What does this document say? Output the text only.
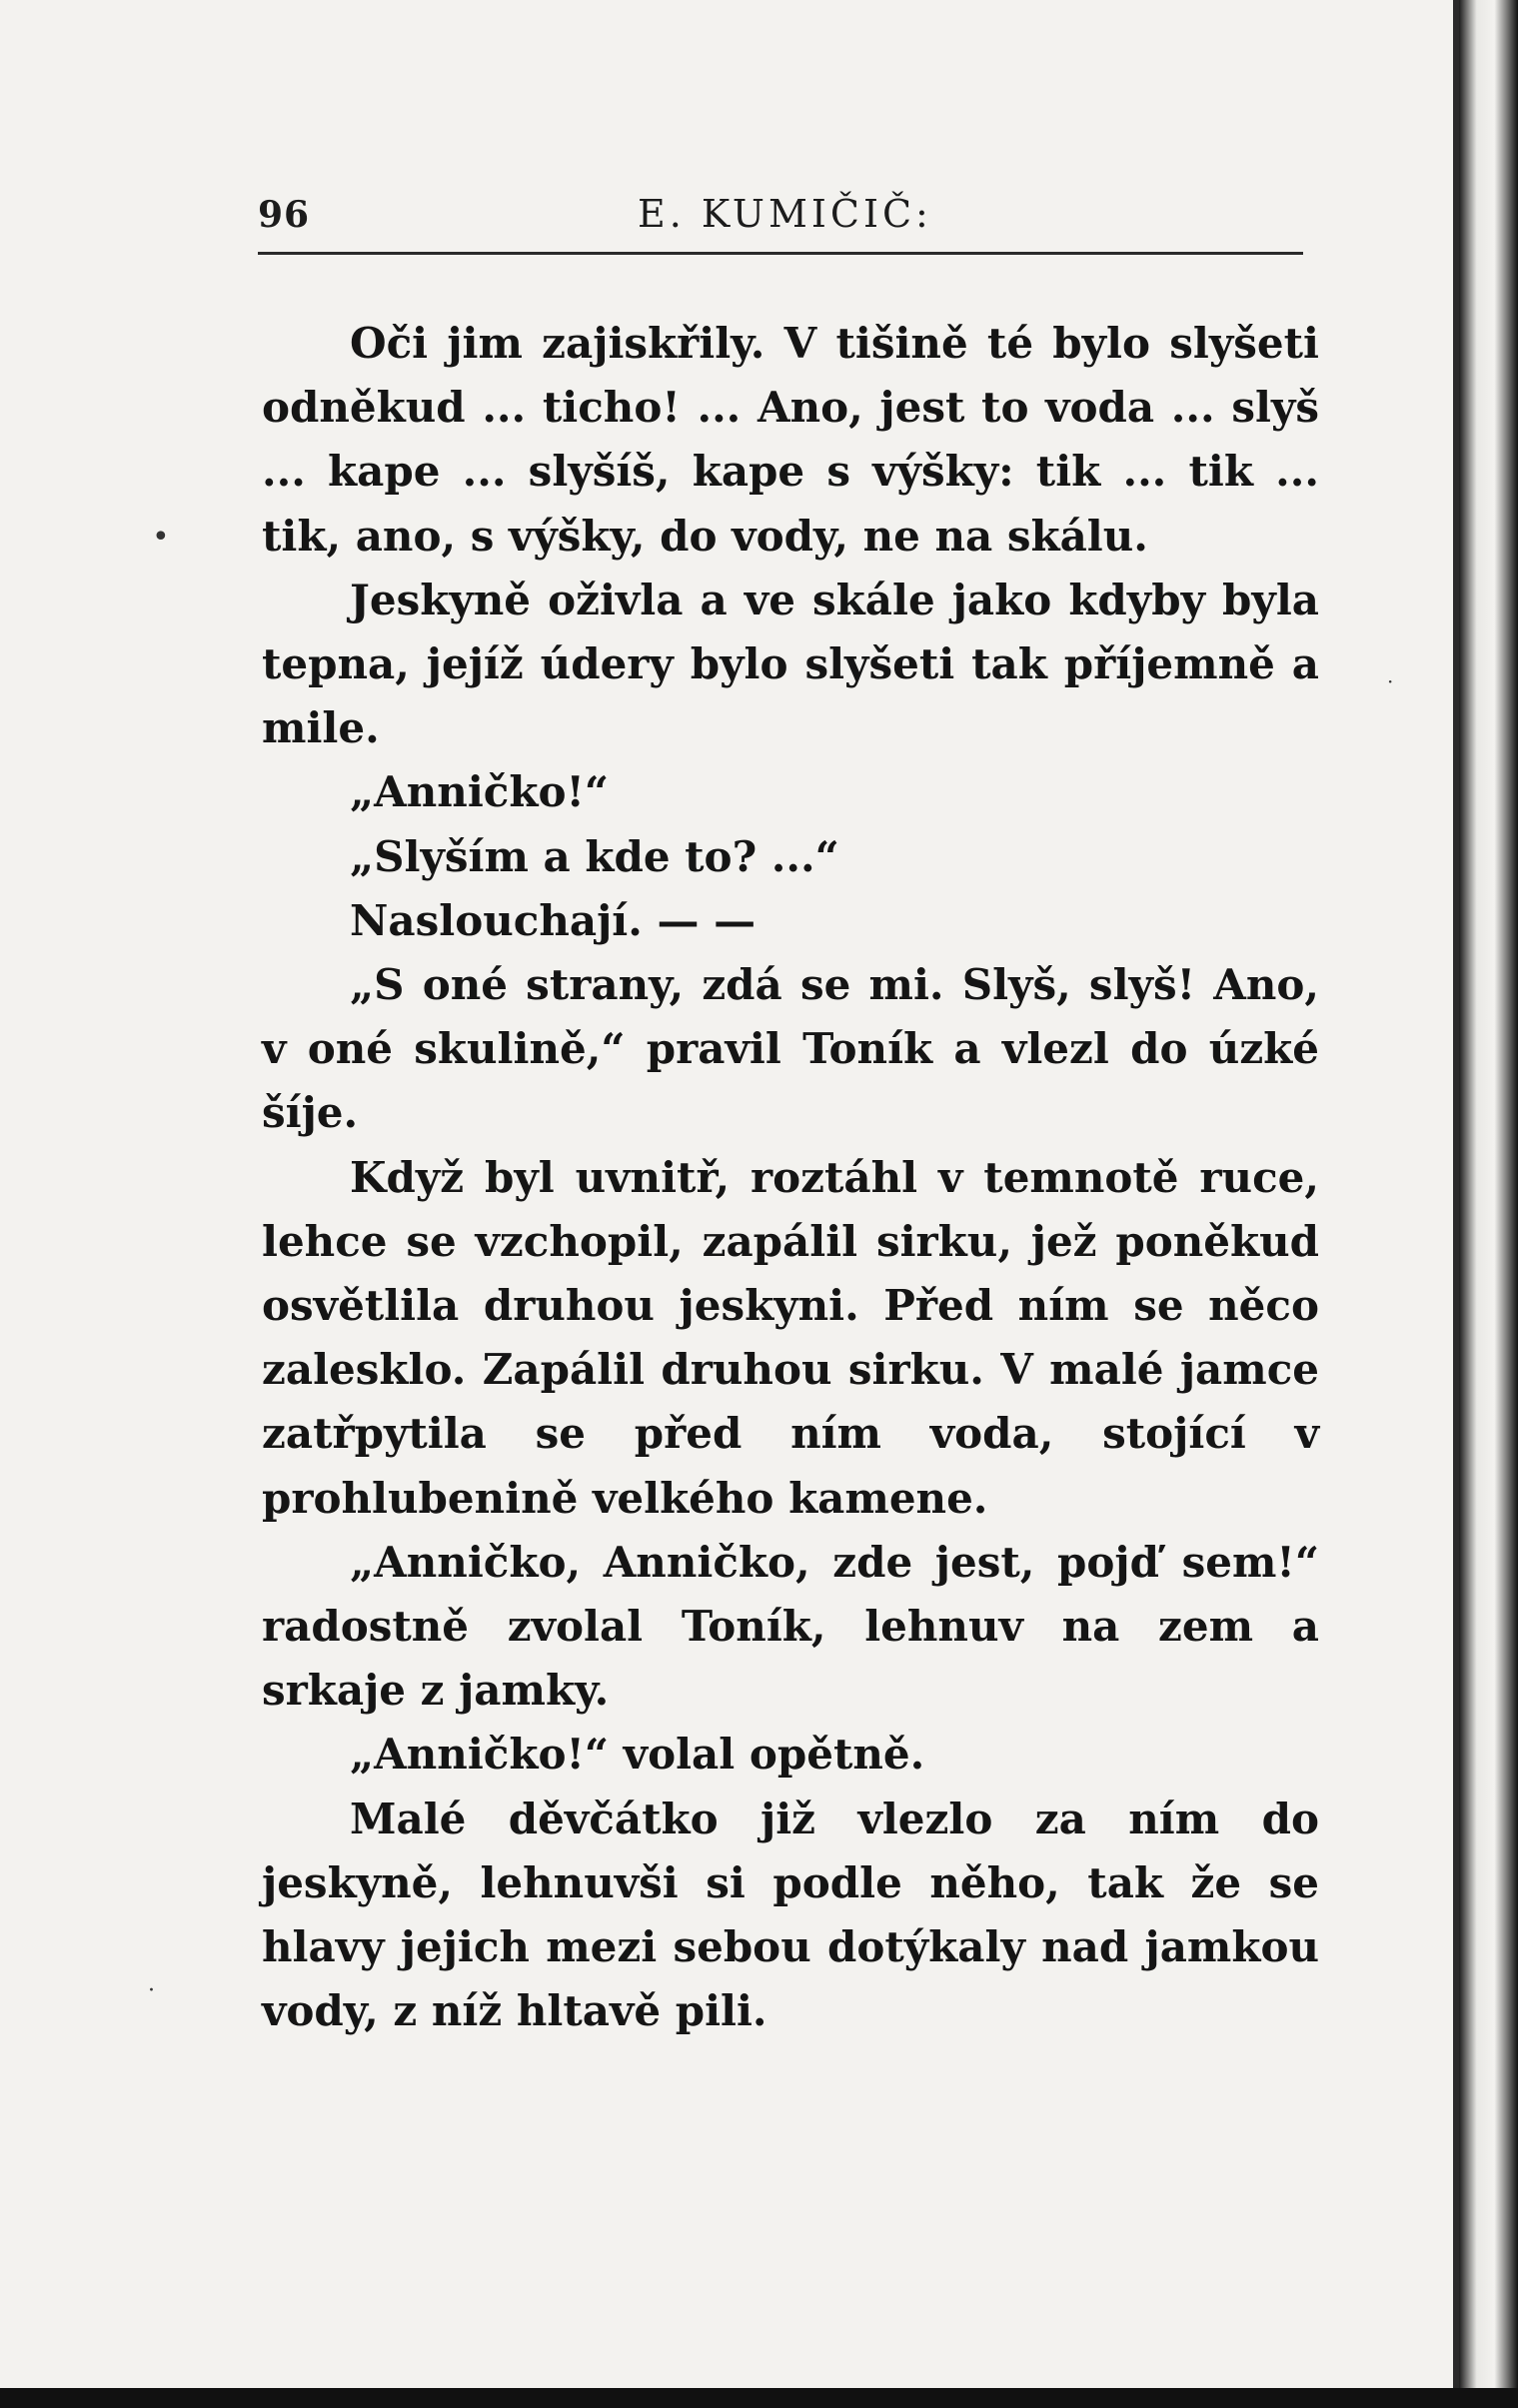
96	E. KUMIČIČ:

Oči jim zajiskřily. V tišině té bylo slyšeti odněkud ... ticho! ... Ano, jest to voda ... slyš ... kape ... slyšíš, kape s výšky: tik ... tik ... tik, ano, s výšky, do vody, ne na skálu.

Jeskyně oživla a ve skále jako kdyby byla tepna, jejíž údery bylo slyšeti tak příjemně a mile.

„Anničko!“

„Slyším a kde to? ...“

Naslouchají. — —

„S oné strany, zdá se mi. Slyš, slyš! Ano, v oné skulině,“ pravil Toník a vlezl do úzké šíje.

Když byl uvnitř, roztáhl v temnotě ruce, lehce se vzchopil, zapálil sirku, jež poněkud osvětlila druhou jeskyni. Před ním se něco zalesklo. Zapálil druhou sirku. V malé jamce zatřpytila se před ním voda, stojící v prohlubenině velkého kamene.

„Anničko, Anničko, zde jest, pojď sem!“ radostně zvolal Toník, lehnuv na zem a srkaje z jamky.

„Anničko!“ volal opětně.

Malé děvčátko již vlezlo za ním do jeskyně, lehnuvši si podle něho, tak že se hlavy jejich mezi sebou dotýkaly nad jamkou vody, z níž hltavě pili.

•
·
·
